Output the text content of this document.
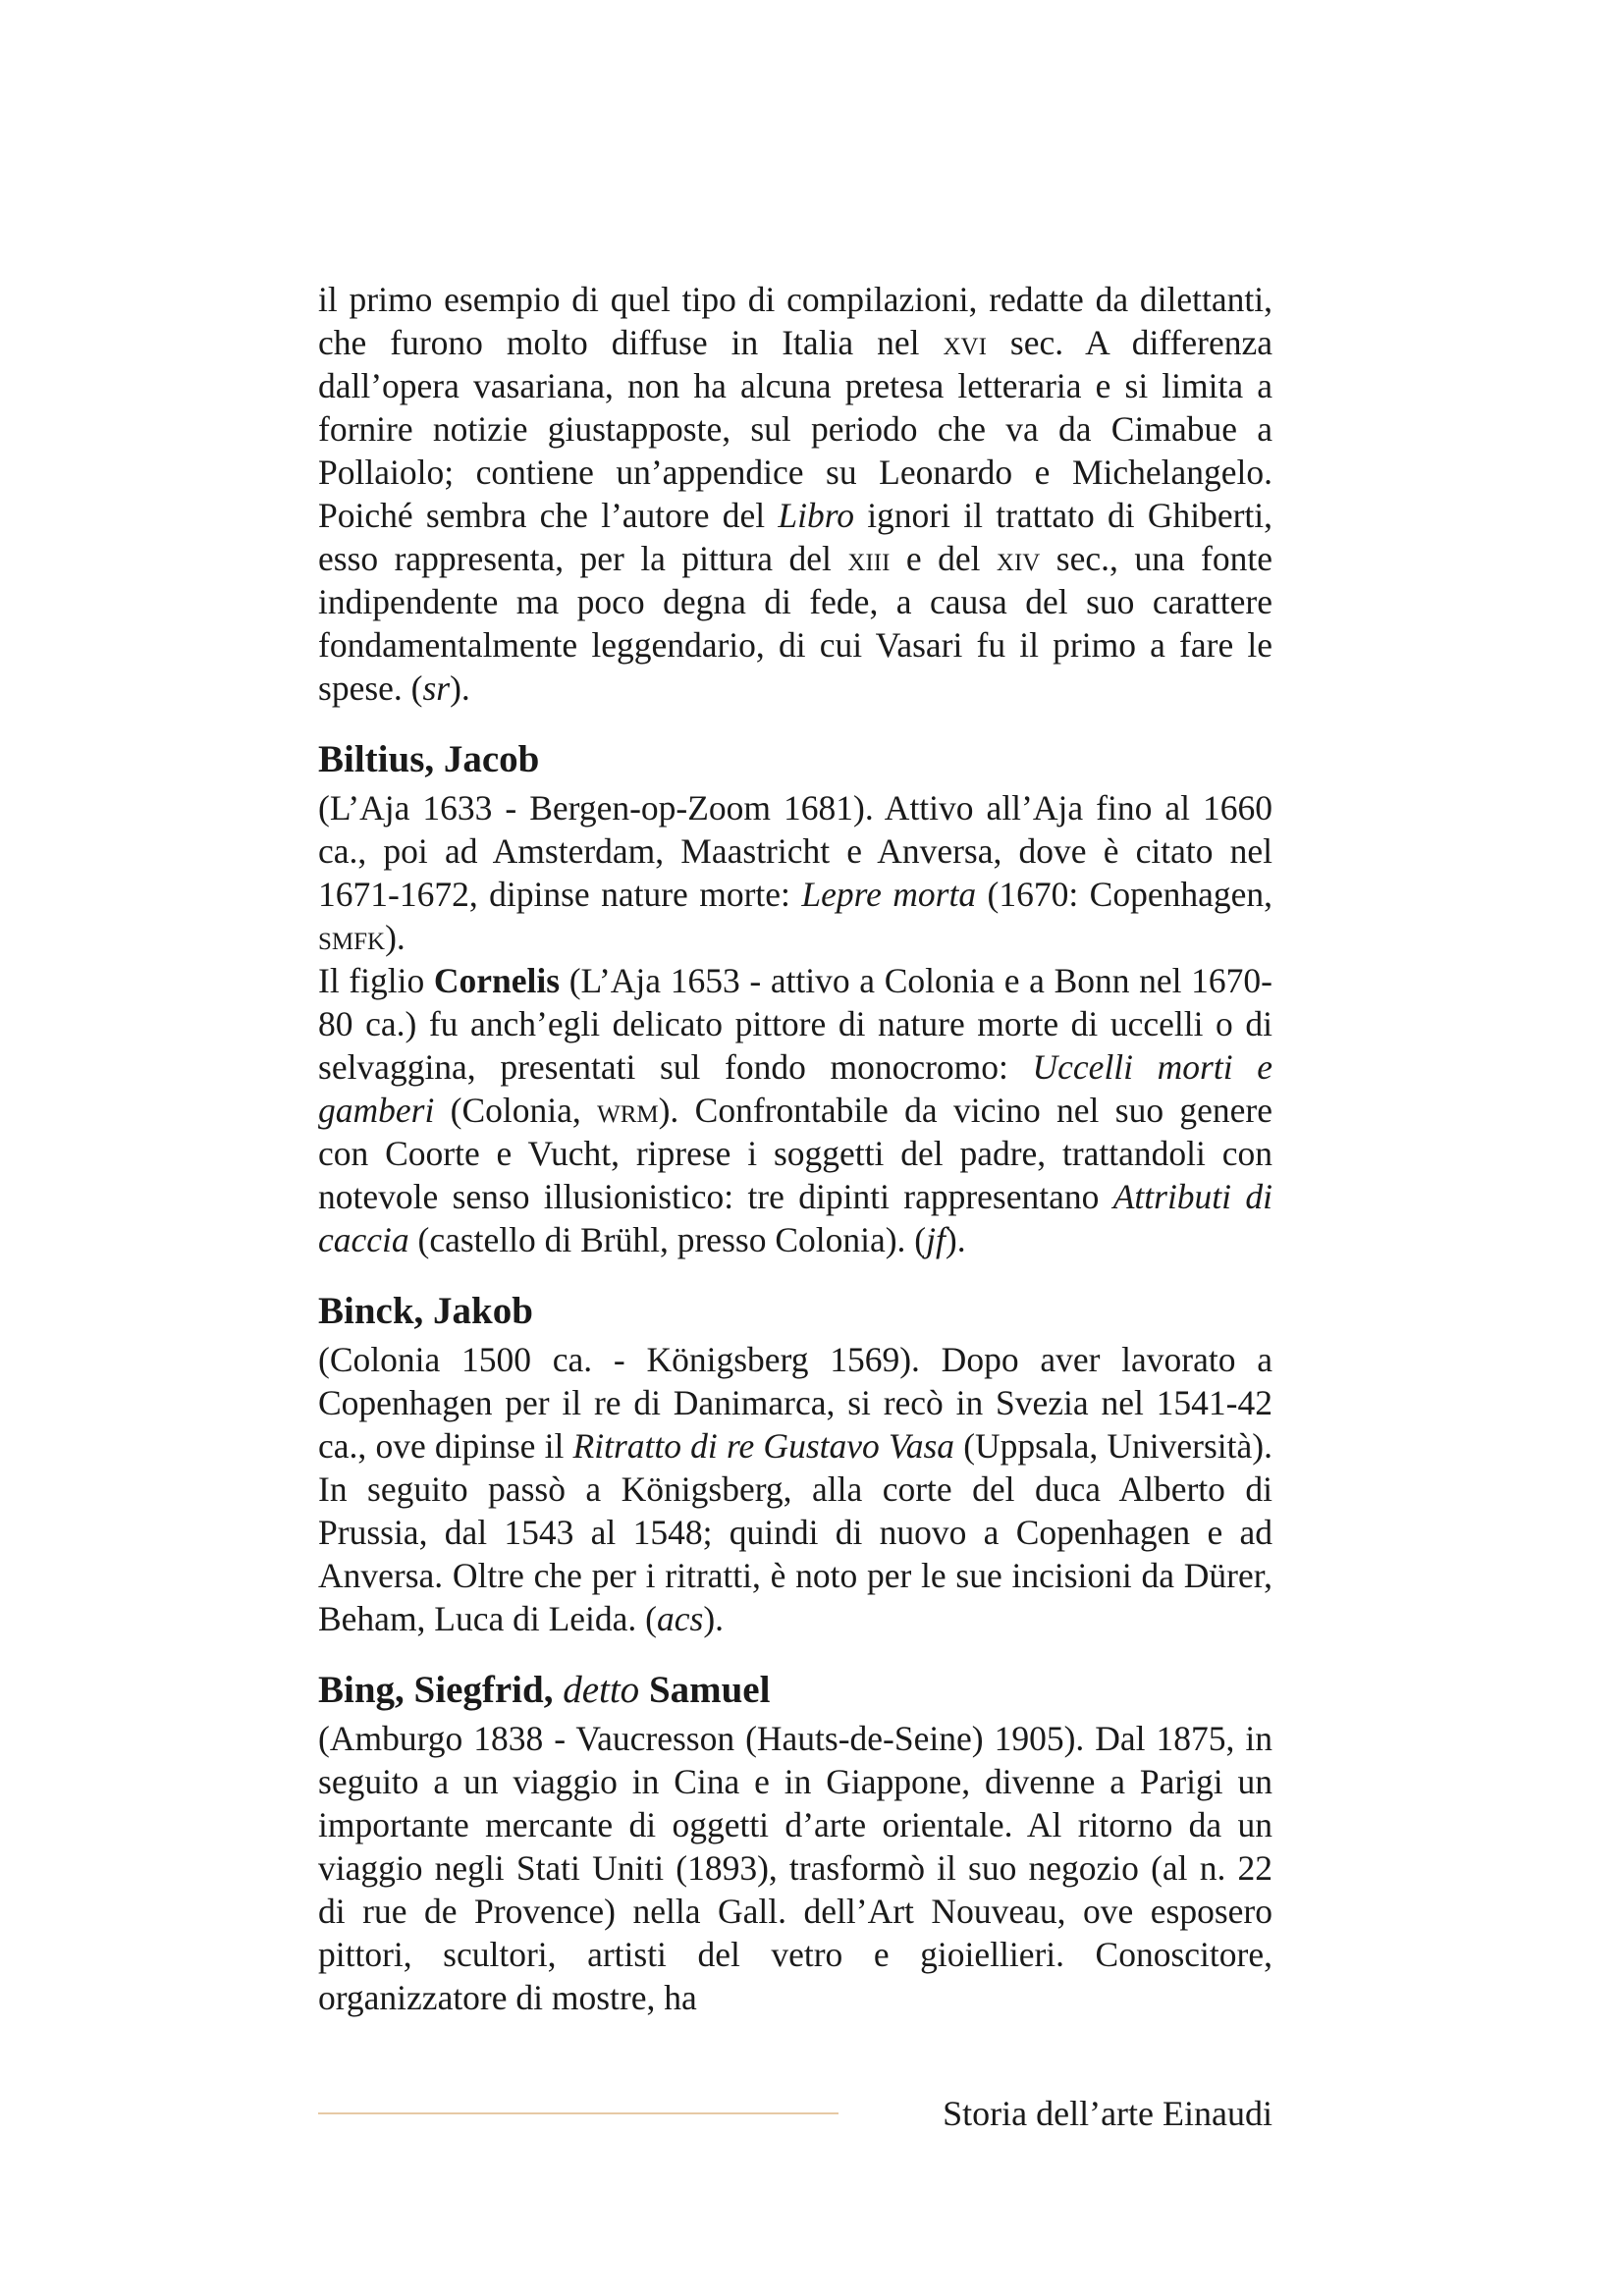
il primo esempio di quel tipo di compilazioni, redatte da dilettanti, che furono molto diffuse in Italia nel xvi sec. A differenza dall’opera vasariana, non ha alcuna pretesa letteraria e si limita a fornire notizie giustapposte, sul periodo che va da Cimabue a Pollaiolo; contiene un’appendice su Leonardo e Michelangelo. Poiché sembra che l’autore del Libro ignori il trattato di Ghiberti, esso rappresenta, per la pittura del xiii e del xiv sec., una fonte indipendente ma poco degna di fede, a causa del suo carattere fondamentalmente leggendario, di cui Vasari fu il primo a fare le spese. (sr).

Biltius, Jacob

(L’Aja 1633 - Bergen-op-Zoom 1681). Attivo all’Aja fino al 1660 ca., poi ad Amsterdam, Maastricht e Anversa, dove è citato nel 1671-1672, dipinse nature morte: Lepre morta (1670: Copenhagen, smfk).

Il figlio Cornelis (L’Aja 1653 - attivo a Colonia e a Bonn nel 1670-80 ca.) fu anch’egli delicato pittore di nature morte di uccelli o di selvaggina, presentati sul fondo monocromo: Uccelli morti e gamberi (Colonia, wrm). Confrontabile da vicino nel suo genere con Coorte e Vucht, riprese i soggetti del padre, trattandoli con notevole senso illusionistico: tre dipinti rappresentano Attributi di caccia (castello di Brühl, presso Colonia). (jf).

Binck, Jakob

(Colonia 1500 ca. - Königsberg 1569). Dopo aver lavorato a Copenhagen per il re di Danimarca, si recò in Svezia nel 1541-42 ca., ove dipinse il Ritratto di re Gustavo Vasa (Uppsala, Università). In seguito passò a Königsberg, alla corte del duca Alberto di Prussia, dal 1543 al 1548; quindi di nuovo a Copenhagen e ad Anversa. Oltre che per i ritratti, è noto per le sue incisioni da Dürer, Beham, Luca di Leida. (acs).

Bing, Siegfrid, detto Samuel

(Amburgo 1838 - Vaucresson (Hauts-de-Seine) 1905). Dal 1875, in seguito a un viaggio in Cina e in Giappone, divenne a Parigi un importante mercante di oggetti d’arte orientale. Al ritorno da un viaggio negli Stati Uniti (1893), trasformò il suo negozio (al n. 22 di rue de Provence) nella Gall. dell’Art Nouveau, ove esposero pittori, scultori, artisti del vetro e gioiellieri. Conoscitore, organizzatore di mostre, ha

Storia dell’arte Einaudi
